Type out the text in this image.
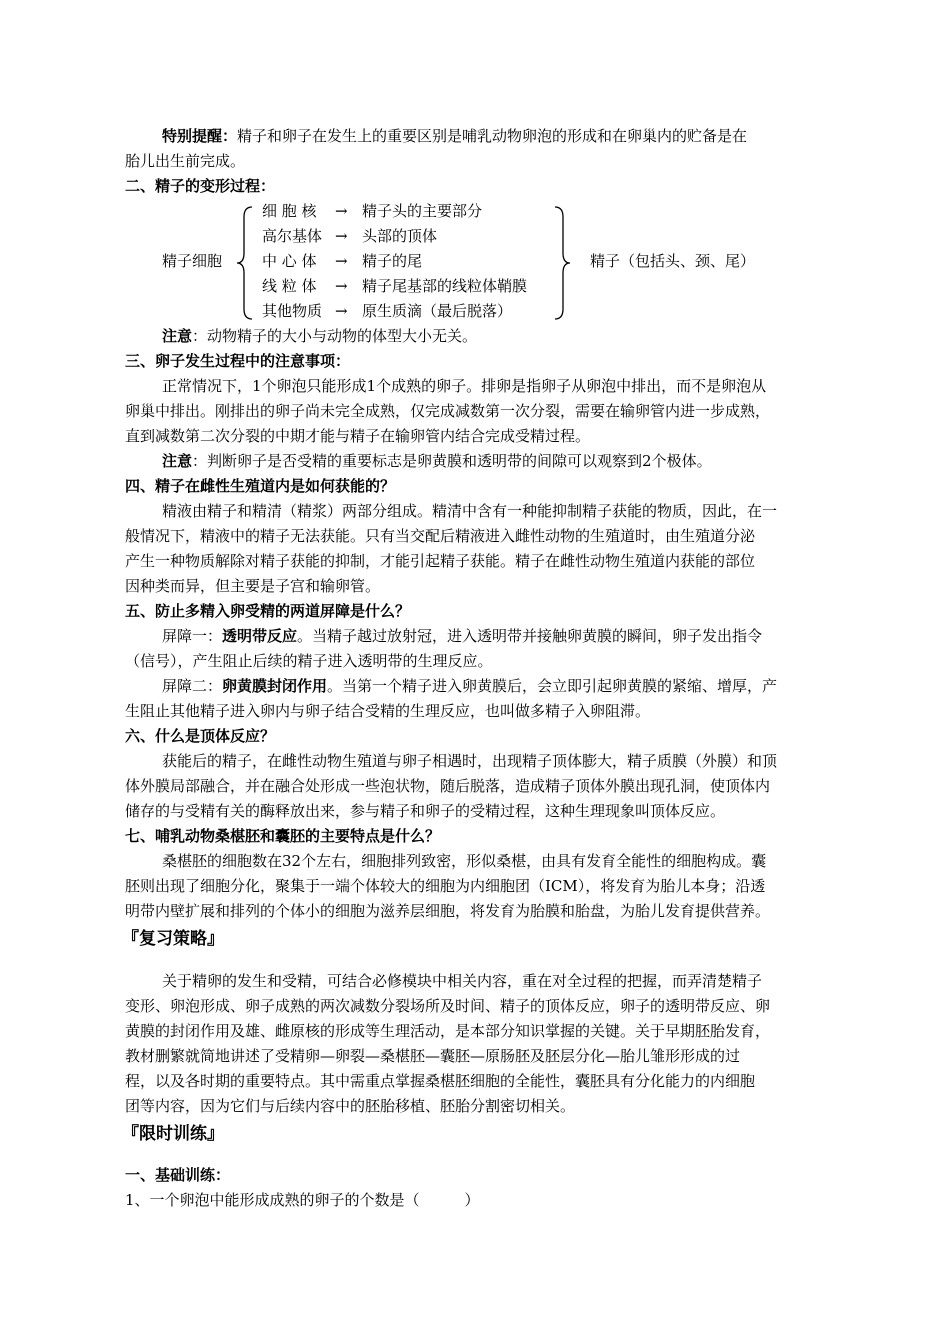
特别提醒：精子和卵子在发生上的重要区别是哺乳动物卵泡的形成和在卵巢内的贮备是在
胎儿出生前完成。
二、精子的变形过程：
精子细胞
细 胞 核 → 精子头的主要部分
高尔基体 → 头部的顶体
中 心 体 → 精子的尾
线 粒 体 → 精子尾基部的线粒体鞘膜
其他物质 → 原生质滴（最后脱落）
精子（包括头、颈、尾）
注意：动物精子的大小与动物的体型大小无关。
三、卵子发生过程中的注意事项：
正常情况下，1个卵泡只能形成1个成熟的卵子。排卵是指卵子从卵泡中排出，而不是卵泡从
卵巢中排出。刚排出的卵子尚未完全成熟，仅完成减数第一次分裂，需要在输卵管内进一步成熟，
直到减数第二次分裂的中期才能与精子在输卵管内结合完成受精过程。
注意：判断卵子是否受精的重要标志是卵黄膜和透明带的间隙可以观察到2个极体。
四、精子在雌性生殖道内是如何获能的？
精液由精子和精清（精浆）两部分组成。精清中含有一种能抑制精子获能的物质，因此，在一
般情况下，精液中的精子无法获能。只有当交配后精液进入雌性动物的生殖道时，由生殖道分泌
产生一种物质解除对精子获能的抑制，才能引起精子获能。精子在雌性动物生殖道内获能的部位
因种类而异，但主要是子宫和输卵管。
五、防止多精入卵受精的两道屏障是什么？
屏障一：透明带反应。当精子越过放射冠，进入透明带并接触卵黄膜的瞬间，卵子发出指令
（信号），产生阻止后续的精子进入透明带的生理反应。
屏障二：卵黄膜封闭作用。当第一个精子进入卵黄膜后，会立即引起卵黄膜的紧缩、增厚，产
生阻止其他精子进入卵内与卵子结合受精的生理反应，也叫做多精子入卵阻滞。
六、什么是顶体反应？
获能后的精子，在雌性动物生殖道与卵子相遇时，出现精子顶体膨大，精子质膜（外膜）和顶
体外膜局部融合，并在融合处形成一些泡状物，随后脱落，造成精子顶体外膜出现孔洞，使顶体内
储存的与受精有关的酶释放出来，参与精子和卵子的受精过程，这种生理现象叫顶体反应。
七、哺乳动物桑椹胚和囊胚的主要特点是什么？
桑椹胚的细胞数在32个左右，细胞排列致密，形似桑椹，由具有发育全能性的细胞构成。囊
胚则出现了细胞分化，聚集于一端个体较大的细胞为内细胞团（ICM），将发育为胎儿本身；沿透
明带内壁扩展和排列的个体小的细胞为滋养层细胞，将发育为胎膜和胎盘，为胎儿发育提供营养。
『复习策略』
关于精卵的发生和受精，可结合必修模块中相关内容，重在对全过程的把握，而弄清楚精子
变形、卵泡形成、卵子成熟的两次减数分裂场所及时间、精子的顶体反应，卵子的透明带反应、卵
黄膜的封闭作用及雄、雌原核的形成等生理活动，是本部分知识掌握的关键。关于早期胚胎发育，
教材删繁就简地讲述了受精卵—卵裂—桑椹胚—囊胚—原肠胚及胚层分化—胎儿雏形形成的过
程，以及各时期的重要特点。其中需重点掌握桑椹胚细胞的全能性，囊胚具有分化能力的内细胞
团等内容，因为它们与后续内容中的胚胎移植、胚胎分割密切相关。
『限时训练』
一、基础训练：
1、一个卵泡中能形成成熟的卵子的个数是（　　　）
